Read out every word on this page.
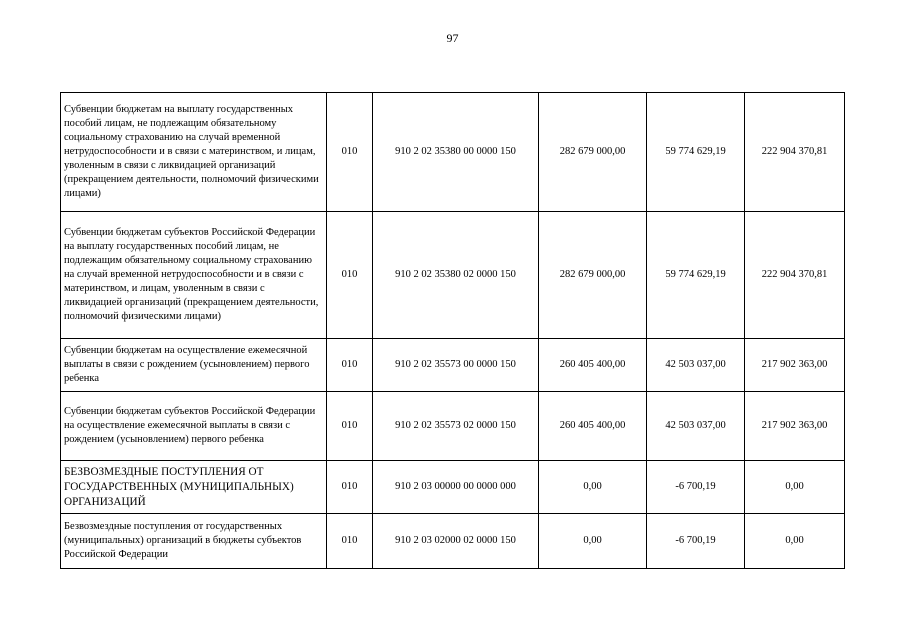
97
Субвенции бюджетам на выплату государственных пособий лицам, не подлежащим обязательному социальному страхованию на случай временной нетрудоспособности и в связи с материнством, и лицам, уволенным в связи с ликвидацией организаций (прекращением деятельности, полномочий физическими лицами)	010	910 2 02 35380 00 0000 150	282 679 000,00	59 774 629,19	222 904 370,81
Субвенции бюджетам субъектов Российской Федерации на выплату государственных пособий лицам, не подлежащим обязательному социальному страхованию на случай временной нетрудоспособности и в связи с материнством, и лицам, уволенным в связи с ликвидацией организаций (прекращением деятельности, полномочий физическими лицами)	010	910 2 02 35380 02 0000 150	282 679 000,00	59 774 629,19	222 904 370,81
Субвенции бюджетам на осуществление ежемесячной выплаты в связи с рождением (усыновлением) первого ребенка	010	910 2 02 35573 00 0000 150	260 405 400,00	42 503 037,00	217 902 363,00
Субвенции бюджетам субъектов Российской Федерации на осуществление ежемесячной выплаты в связи с рождением (усыновлением) первого ребенка	010	910 2 02 35573 02 0000 150	260 405 400,00	42 503 037,00	217 902 363,00
БЕЗВОЗМЕЗДНЫЕ ПОСТУПЛЕНИЯ ОТ ГОСУДАРСТВЕННЫХ (МУНИЦИПАЛЬНЫХ) ОРГАНИЗАЦИЙ	010	910 2 03 00000 00 0000 000	0,00	-6 700,19	0,00
Безвозмездные поступления от государственных (муниципальных) организаций в бюджеты субъектов Российской Федерации	010	910 2 03 02000 02 0000 150	0,00	-6 700,19	0,00
